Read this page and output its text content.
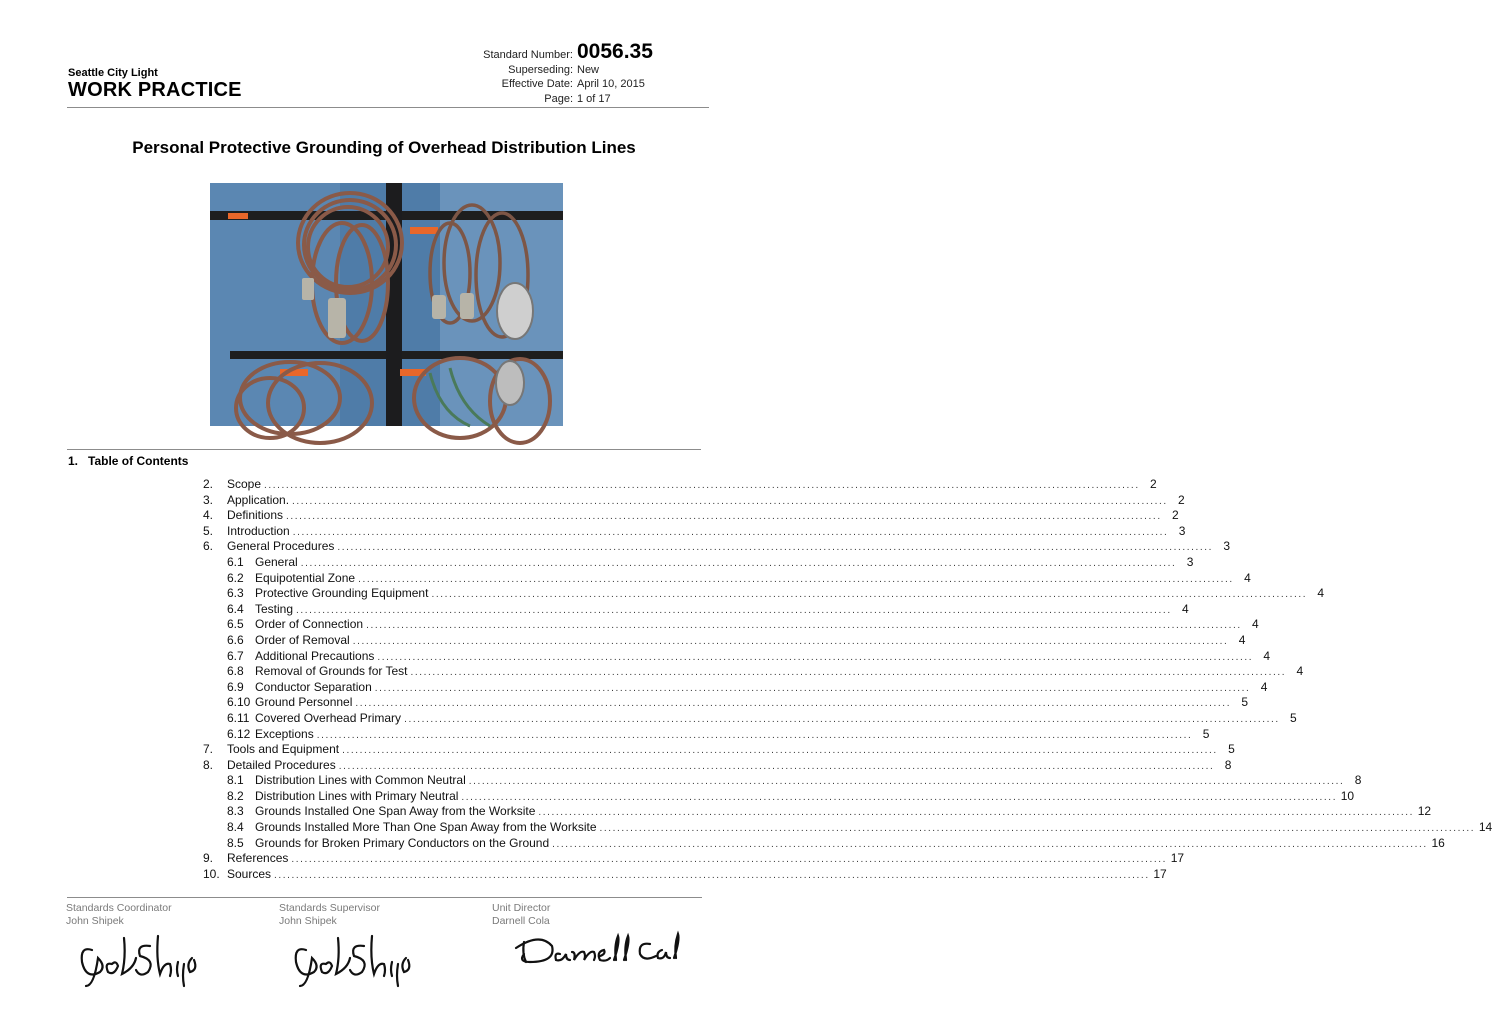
Seattle City Light
WORK PRACTICE
Standard Number: 0056.35
Superseding: New
Effective Date: April 10, 2015
Page: 1 of 17
Personal Protective Grounding of Overhead Distribution Lines
1.   Table of Contents
2.	Scope ........................................................................................................................................................................................................ 2
3.	Application. ........................................................................................................................................................................................................ 2
4.	Definitions ........................................................................................................................................................................................................ 2
5.	Introduction ........................................................................................................................................................................................................ 3
6.	General Procedures ........................................................................................................................................................................................................ 3
6.1 General ........................................................................................................................................................................................................ 3
6.2 Equipotential Zone ........................................................................................................................................................................................................ 4
6.3 Protective Grounding Equipment ........................................................................................................................................................................................................ 4
6.4 Testing ........................................................................................................................................................................................................ 4
6.5 Order of Connection ........................................................................................................................................................................................................ 4
6.6 Order of Removal ........................................................................................................................................................................................................ 4
6.7 Additional Precautions ........................................................................................................................................................................................................ 4
6.8 Removal of Grounds for Test ........................................................................................................................................................................................................ 4
6.9 Conductor Separation ........................................................................................................................................................................................................ 4
6.10 Ground Personnel ........................................................................................................................................................................................................ 5
6.11 Covered Overhead Primary ........................................................................................................................................................................................................ 5
6.12 Exceptions ........................................................................................................................................................................................................ 5
7.	Tools and Equipment ........................................................................................................................................................................................................ 5
8.	Detailed Procedures ........................................................................................................................................................................................................ 8
8.1 Distribution Lines with Common Neutral ........................................................................................................................................................................................................ 8
8.2 Distribution Lines with Primary Neutral ........................................................................................................................................................................................................ 10
8.3 Grounds Installed One Span Away from the Worksite ........................................................................................................................................................................................................ 12
8.4 Grounds Installed More Than One Span Away from the Worksite ........................................................................................................................................................................................................ 14
8.5 Grounds for Broken Primary Conductors on the Ground ........................................................................................................................................................................................................ 16
9.	References ........................................................................................................................................................................................................ 17
10. Sources ........................................................................................................................................................................................................ 17
Standards Coordinator
John Shipek
Standards Supervisor
John Shipek
Unit Director
Darnell Cola
